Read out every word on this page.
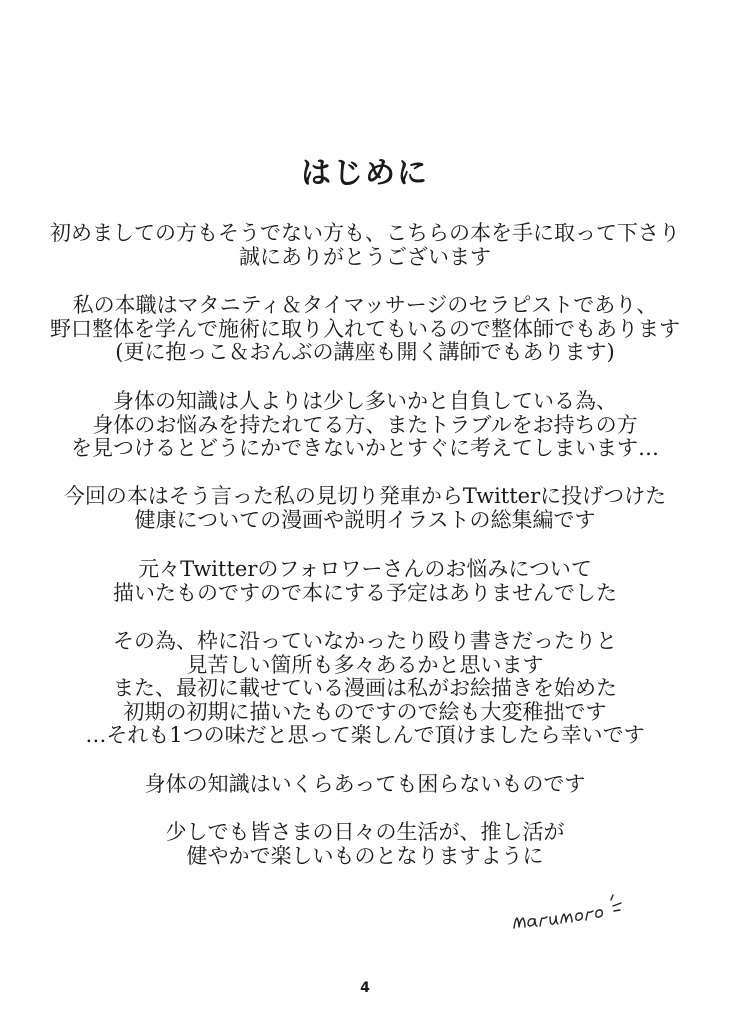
はじめに
初めましての方もそうでない方も、こちらの本を手に取って下さり
誠にありがとうございます
私の本職はマタニティ＆タイマッサージのセラピストであり、
野口整体を学んで施術に取り入れてもいるので整体師でもあります
(更に抱っこ＆おんぶの講座も開く講師でもあります)
身体の知識は人よりは少し多いかと自負している為、
身体のお悩みを持たれてる方、またトラブルをお持ちの方
を見つけるとどうにかできないかとすぐに考えてしまいます…
今回の本はそう言った私の見切り発車からTwitterに投げつけた
健康についての漫画や説明イラストの総集編です
元々Twitterのフォロワーさんのお悩みについて
描いたものですので本にする予定はありませんでした
その為、枠に沿っていなかったり殴り書きだったりと
見苦しい箇所も多々あるかと思います
また、最初に載せている漫画は私がお絵描きを始めた
初期の初期に描いたものですので絵も大変稚拙です
…それも1つの味だと思って楽しんで頂けましたら幸いです
身体の知識はいくらあっても困らないものです
少しでも皆さまの日々の生活が、推し活が
健やかで楽しいものとなりますように
4
